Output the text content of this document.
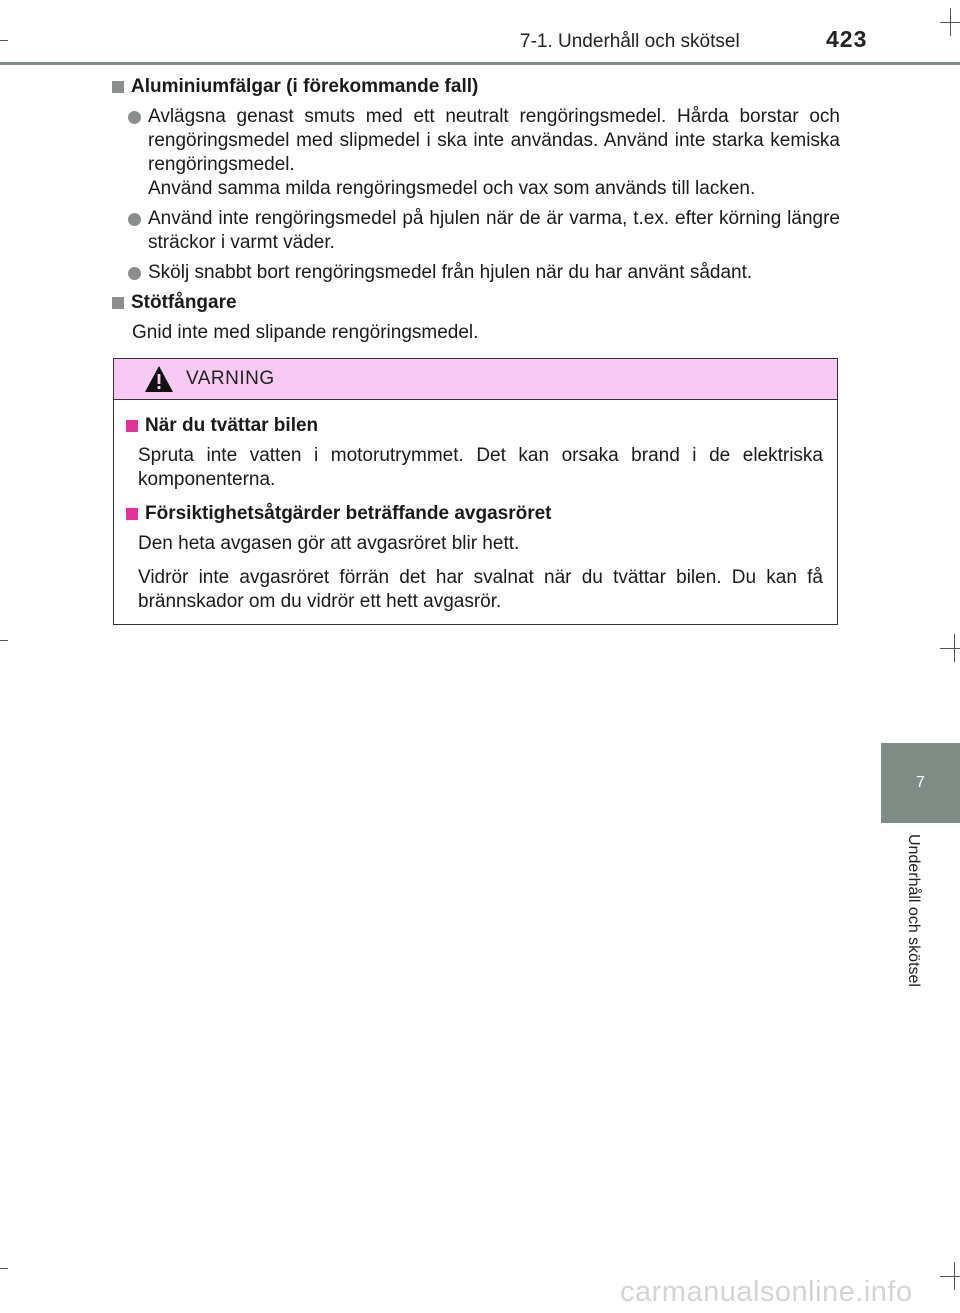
7-1. Underhåll och skötsel	423
7
Underhåll och skötsel
Aluminiumfälgar (i förekommande fall)
Avlägsna genast smuts med ett neutralt rengöringsmedel. Hårda borstar och rengöringsmedel med slipmedel i ska inte användas. Använd inte starka kemiska rengöringsmedel.
Använd samma milda rengöringsmedel och vax som används till lacken.
Använd inte rengöringsmedel på hjulen när de är varma, t.ex. efter körning längre sträckor i varmt väder.
Skölj snabbt bort rengöringsmedel från hjulen när du har använt sådant.
Stötfångare
Gnid inte med slipande rengöringsmedel.
VARNING
När du tvättar bilen
Spruta inte vatten i motorutrymmet. Det kan orsaka brand i de elektriska komponenterna.
Försiktighetsåtgärder beträffande avgasröret
Den heta avgasen gör att avgasröret blir hett.
Vidrör inte avgasröret förrän det har svalnat när du tvättar bilen. Du kan få brännskador om du vidrör ett hett avgasrör.
carmanualsonline.info
